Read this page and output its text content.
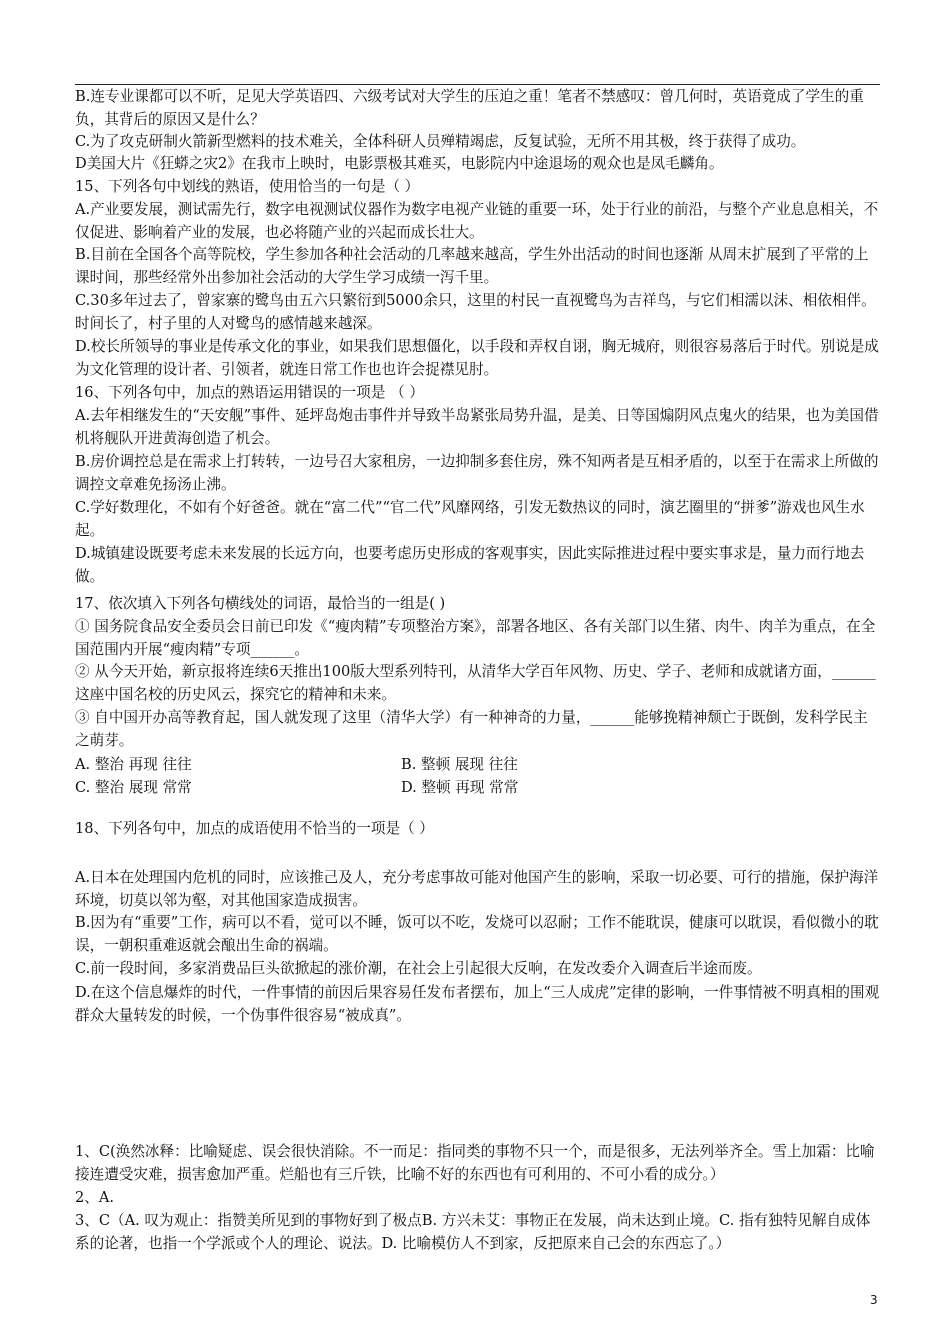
B.连专业课都可以不听，足见大学英语四、六级考试对大学生的压迫之重！笔者不禁感叹：曾几何时，英语竟成了学生的重负，其背后的原因又是什么？
C.为了攻克研制火箭新型燃料的技术难关，全体科研人员殚精竭虑，反复试验，无所不用其极，终于获得了成功。
D美国大片《狂蟒之灾2》在我市上映时，电影票极其难买，电影院内中途退场的观众也是凤毛麟角。
15、下列各句中划线的熟语，使用恰当的一句是（ ）
A.产业要发展，测试需先行，数字电视测试仪器作为数字电视产业链的重要一环，处于行业的前沿，与整个产业息息相关，不仅促进、影响着产业的发展，也必将随产业的兴起而成长壮大。
B.目前在全国各个高等院校，学生参加各种社会活动的几率越来越高，学生外出活动的时间也逐渐 从周末扩展到了平常的上课时间，那些经常外出参加社会活动的大学生学习成绩一泻千里。
C.30多年过去了，曾家寨的鹭鸟由五六只繁衍到5000余只，这里的村民一直视鹭鸟为吉祥鸟，与它们相濡以沫、相依相伴。时间长了，村子里的人对鹭鸟的感情越来越深。
D.校长所领导的事业是传承文化的事业，如果我们思想僵化，以手段和弄权自诩，胸无城府，则很容易落后于时代。别说是成为文化管理的设计者、引领者，就连日常工作也也许会捉襟见肘。
16、下列各句中，加点的熟语运用错误的一项是 （ ）
A.去年相继发生的“天安舰”事件、延坪岛炮击事件并导致半岛紧张局势升温，是美、日等国煽阴风点鬼火的结果，也为美国借机将舰队开进黄海创造了机会。
B.房价调控总是在需求上打转转，一边号召大家租房，一边抑制多套住房，殊不知两者是互相矛盾的，以至于在需求上所做的调控文章难免扬汤止沸。
C.学好数理化，不如有个好爸爸。就在“富二代”“官二代”风靡网络，引发无数热议的同时，演艺圈里的“拼爹”游戏也风生水起。
D.城镇建设既要考虑未来发展的长远方向，也要考虑历史形成的客观事实，因此实际推进过程中要实事求是，量力而行地去做。
17、依次填入下列各句横线处的词语，最恰当的一组是( )
① 国务院食品安全委员会日前已印发《“瘦肉精”专项整治方案》，部署各地区、各有关部门以生猪、肉牛、肉羊为重点，在全国范围内开展“瘦肉精”专项______。
② 从今天开始，新京报将连续6天推出100版大型系列特刊，从清华大学百年风物、历史、学子、老师和成就诸方面，______这座中国名校的历史风云，探究它的精神和未来。
③ 自中国开办高等教育起，国人就发现了这里（清华大学）有一种神奇的力量，______能够挽精神颓亡于既倒，发科学民主之萌芽。
A. 整治 再现 往往	B. 整顿 展现 往往
C. 整治 展现 常常	D. 整顿 再现 常常
18、下列各句中，加点的成语使用不恰当的一项是（ ）
A.日本在处理国内危机的同时，应该推己及人，充分考虑事故可能对他国产生的影响，采取一切必要、可行的措施，保护海洋环境，切莫以邻为壑，对其他国家造成损害。
B.因为有“重要”工作，病可以不看，觉可以不睡，饭可以不吃，发烧可以忍耐；工作不能耽误，健康可以耽误，看似微小的耽误，一朝积重难返就会酿出生命的祸端。
C.前一段时间，多家消费品巨头欲掀起的涨价潮，在社会上引起很大反响，在发改委介入调查后半途而废。
D.在这个信息爆炸的时代，一件事情的前因后果容易任发布者摆布，加上“三人成虎”定律的影响，一件事情被不明真相的围观群众大量转发的时候，一个伪事件很容易“被成真”。
1、C(涣然冰释：比喻疑虑、误会很快消除。不一而足：指同类的事物不只一个，而是很多，无法列举齐全。雪上加霜：比喻接连遭受灾难，损害愈加严重。烂船也有三斤铁，比喻不好的东西也有可利用的、不可小看的成分。）
2、A.
3、C（A. 叹为观止：指赞美所见到的事物好到了极点B. 方兴未艾：事物正在发展，尚未达到止境。C. 指有独特见解自成体系的论著，也指一个学派或个人的理论、说法。D. 比喻模仿人不到家，反把原来自己会的东西忘了。）
3
